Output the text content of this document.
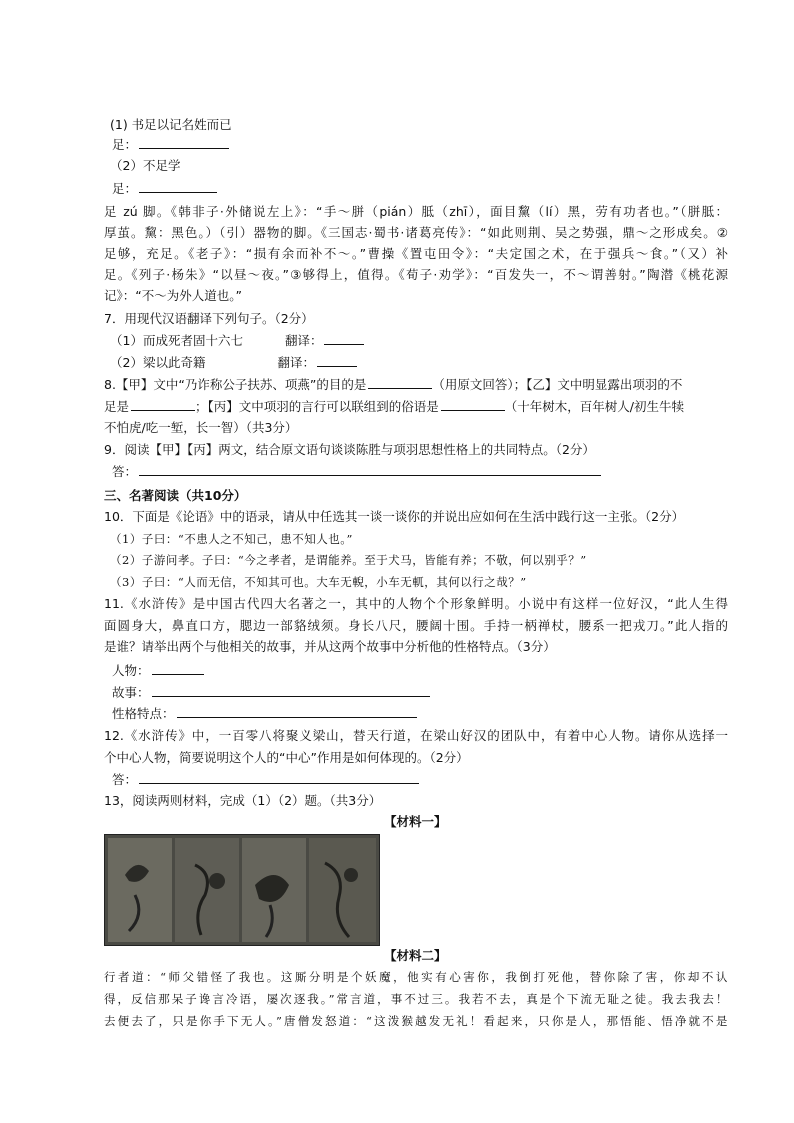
(1) 书足以记名姓而已
足：
（2）不足学
足：
足 zú 脚。《韩非子·外储说左上》：“手～胼（pián）胝（zhī），面目黧（lí）黑，劳有功者也。”（胼胝：
厚茧。黧：黑色。）（引）器物的脚。《三国志·蜀书·诸葛亮传》：“如此则荆、吴之势强，鼎～之形成矣。②
足够，充足。《老子》：“损有余而补不～。”曹操《置屯田令》：“夫定国之术，在于强兵～食。”（又）补
足。《列子·杨朱》“以昼～夜。”③够得上，值得。《荀子·劝学》：“百发失一，不～谓善射。”陶潜《桃花源
记》：“不～为外人道也。”
7．用现代汉语翻译下列句子。（2分）
（1）而成死者固十六七	翻译：
（2）梁以此奇籍	翻译：
8.【甲】文中“乃诈称公子扶苏、项燕”的目的是	（用原文回答）；【乙】文中明显露出项羽的不
足是	；【丙】文中项羽的言行可以联组到的俗语是	（十年树木，百年树人/初生牛犊
不怕虎/吃一堑，长一智）（共3分）
9．阅读【甲】【丙】两文，结合原文语句谈谈陈胜与项羽思想性格上的共同特点。（2分）
答：
三、名著阅读（共10分）
10．下面是《论语》中的语录，请从中任选其一谈一谈你的并说出应如何在生活中践行这一主张。（2分）
（1）子曰：“不患人之不知己，患不知人也。”
（2）子游问孝。子曰：“今之孝者，是谓能养。至于犬马，皆能有养；不敬，何以别乎？”
（3）子曰：“人而无信，不知其可也。大车无輗，小车无軏，其何以行之哉？”
11.《水浒传》是中国古代四大名著之一，其中的人物个个形象鲜明。小说中有这样一位好汉，“此人生得
面圆身大，鼻直口方，腮边一部貉绒须。身长八尺，腰阔十围。手持一柄禅杖，腰系一把戎刀。”此人指的
是谁？请举出两个与他相关的故事，并从这两个故事中分析他的性格特点。（3分）
人物：
故事：
性格特点：
12.《水浒传》中，一百零八将聚义梁山，替天行道，在梁山好汉的团队中，有着中心人物。请你从选择一
个中心人物，简要说明这个人的“中心”作用是如何体现的。（2分）
答：
13，阅读两则材料，完成（1）（2）题。（共3分）
【材料一】
【材料二】
行者道：“师父错怪了我也。这厮分明是个妖魔，他实有心害你，我倒打死他，替你除了害，你却不认
得，反信那呆子谗言冷语，屡次逐我。”常言道，事不过三。我若不去，真是个下流无耻之徒。我去我去！
去便去了，只是你手下无人。”唐僧发怒道：“这泼猴越发无礼！看起来，只你是人，那悟能、悟净就不是
